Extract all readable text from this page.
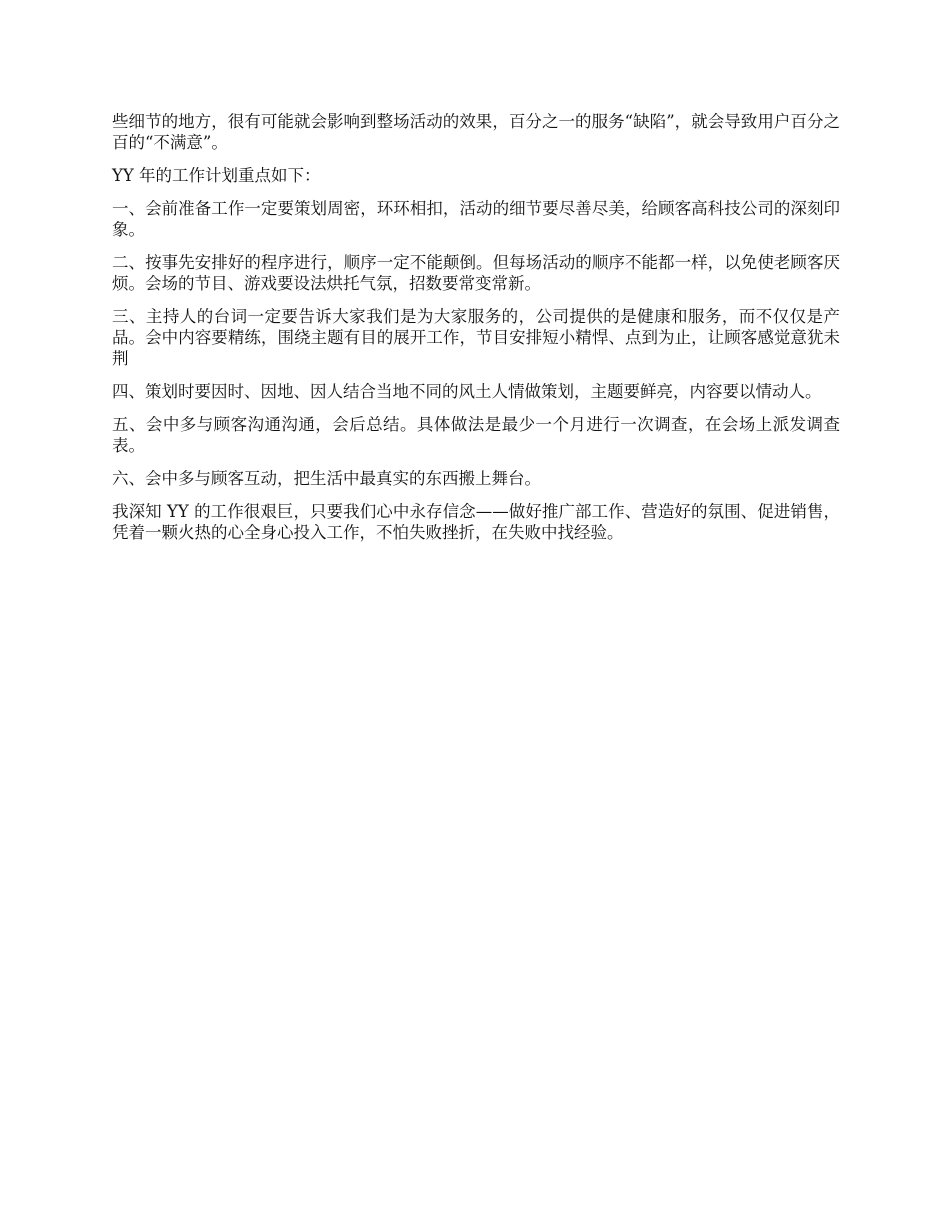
些细节的地方，很有可能就会影响到整场活动的效果，百分之一的服务“缺陷”，就会导致用户百分之百的“不满意”。

YY 年的工作计划重点如下：

一、会前准备工作一定要策划周密，环环相扣，活动的细节要尽善尽美，给顾客高科技公司的深刻印象。

二、按事先安排好的程序进行，顺序一定不能颠倒。但每场活动的顺序不能都一样，以免使老顾客厌烦。会场的节目、游戏要设法烘托气氛，招数要常变常新。

三、主持人的台词一定要告诉大家我们是为大家服务的，公司提供的是健康和服务，而不仅仅是产品。会中内容要精练，围绕主题有目的展开工作，节目安排短小精悍、点到为止，让顾客感觉意犹未荆

四、策划时要因时、因地、因人结合当地不同的风土人情做策划，主题要鲜亮，内容要以情动人。

五、会中多与顾客沟通沟通，会后总结。具体做法是最少一个月进行一次调查，在会场上派发调查表。

六、会中多与顾客互动，把生活中最真实的东西搬上舞台。

我深知 YY 的工作很艰巨，只要我们心中永存信念——做好推广部工作、营造好的氛围、促进销售，凭着一颗火热的心全身心投入工作，不怕失败挫折，在失败中找经验。
